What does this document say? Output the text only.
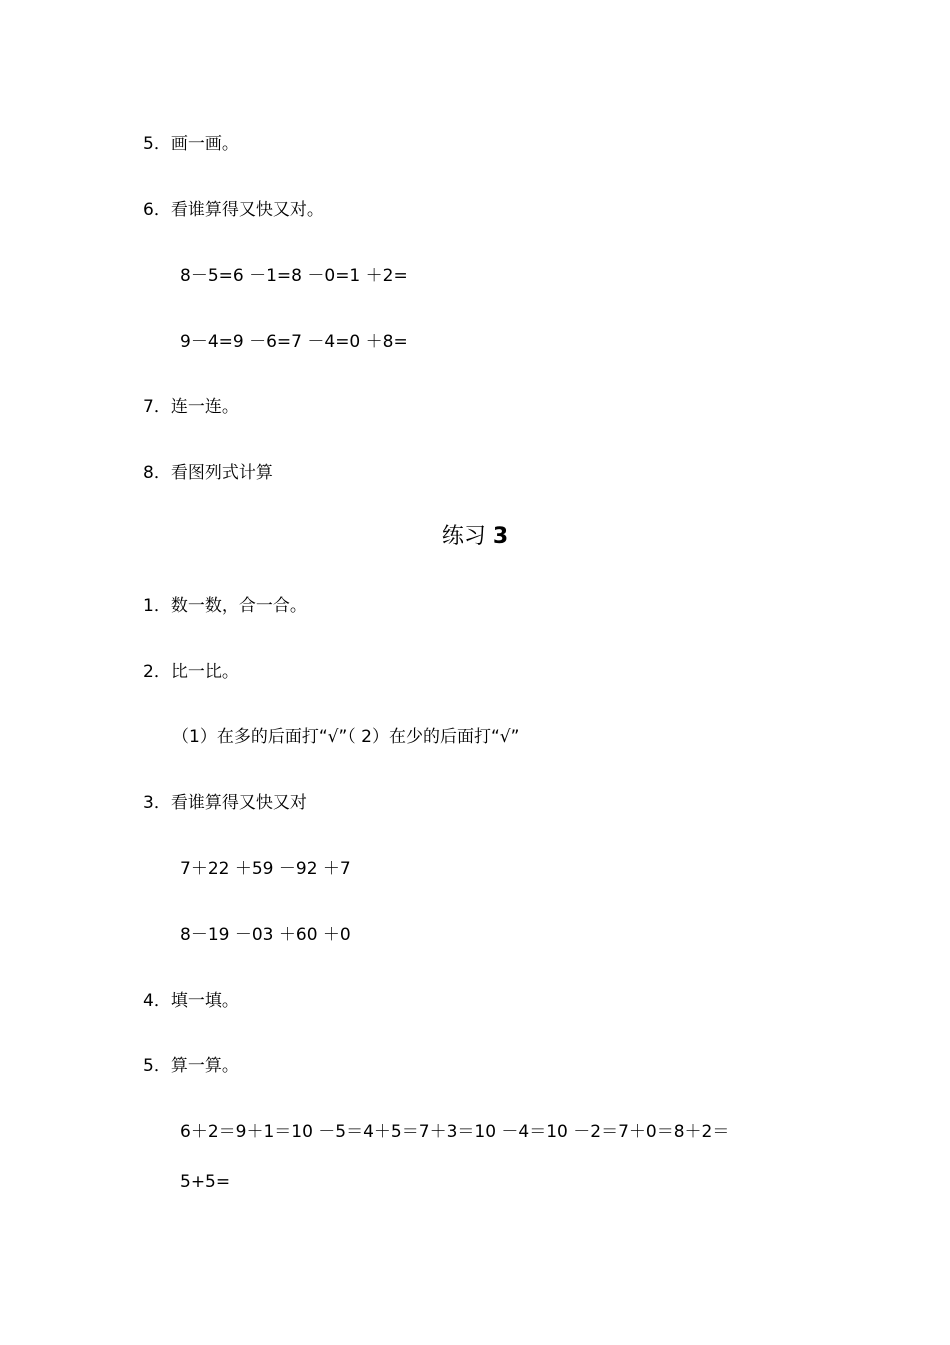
5．画一画。
6．看谁算得又快又对。
8－5=6 －1=8 －0=1 ＋2=
9－4=9 －6=7 －4=0 ＋8=
7．连一连。
8．看图列式计算
练习 3
1．数一数，合一合。
2．比一比。
（1）在多的后面打“√”（ 2）在少的后面打“√”
3．看谁算得又快又对
7＋22 ＋59 －92 ＋7
8－19 －03 ＋60 ＋0
4．填一填。
5．算一算。
6＋2＝9＋1＝10 －5＝4＋5＝7＋3＝10 －4＝10 －2＝7＋0＝8＋2＝
5+5=
